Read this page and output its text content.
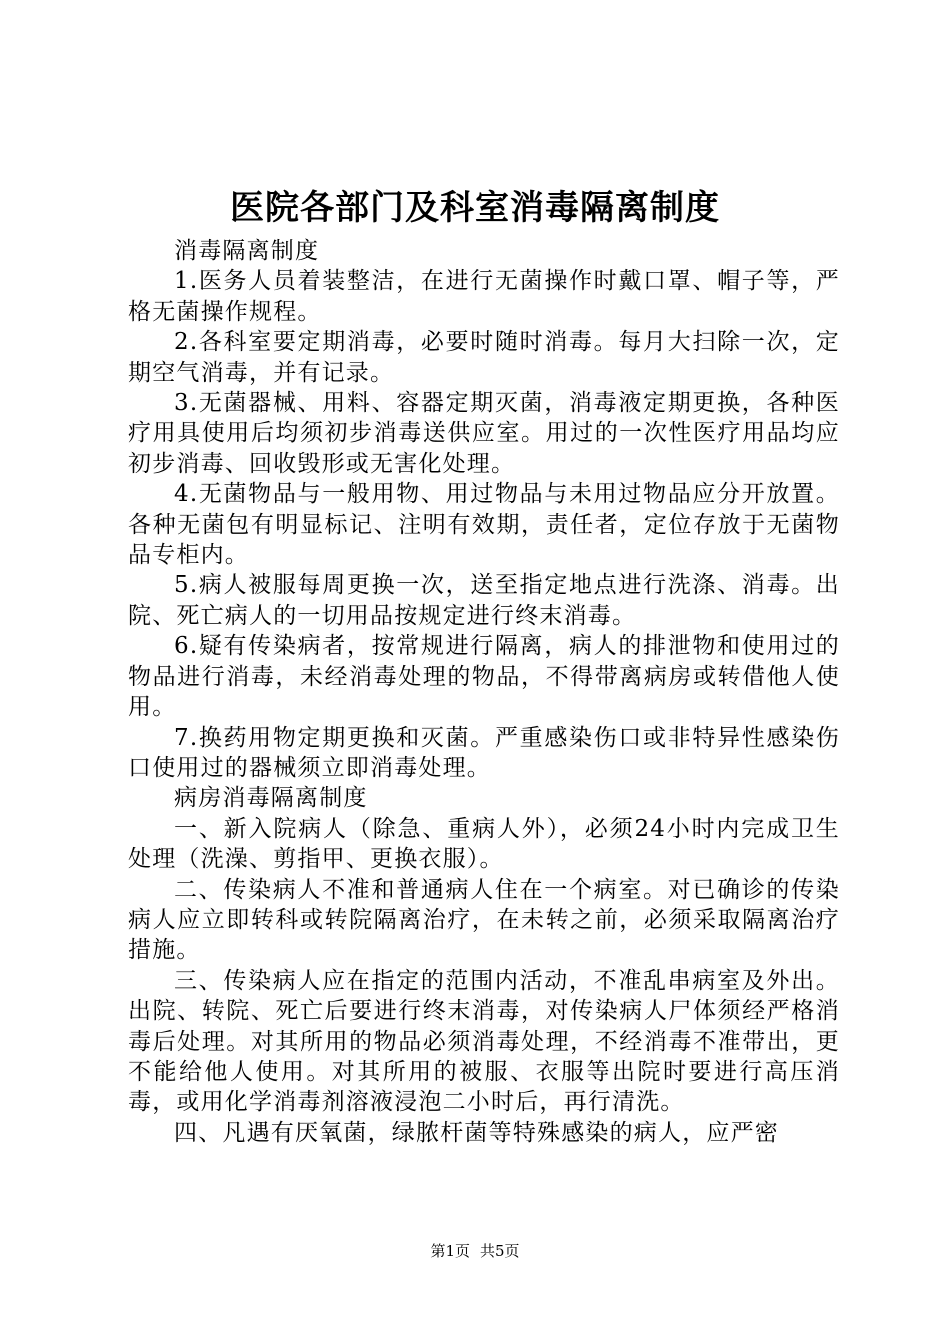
医院各部门及科室消毒隔离制度

消毒隔离制度

1.医务人员着装整洁，在进行无菌操作时戴口罩、帽子等，严格无菌操作规程。

2.各科室要定期消毒，必要时随时消毒。每月大扫除一次，定期空气消毒，并有记录。

3.无菌器械、用料、容器定期灭菌，消毒液定期更换，各种医疗用具使用后均须初步消毒送供应室。用过的一次性医疗用品均应初步消毒、回收毁形或无害化处理。

4.无菌物品与一般用物、用过物品与未用过物品应分开放置。各种无菌包有明显标记、注明有效期，责任者，定位存放于无菌物品专柜内。

5.病人被服每周更换一次，送至指定地点进行洗涤、消毒。出院、死亡病人的一切用品按规定进行终末消毒。

6.疑有传染病者，按常规进行隔离，病人的排泄物和使用过的物品进行消毒，未经消毒处理的物品，不得带离病房或转借他人使用。

7.换药用物定期更换和灭菌。严重感染伤口或非特异性感染伤口使用过的器械须立即消毒处理。

病房消毒隔离制度

一、新入院病人（除急、重病人外），必须24小时内完成卫生处理（洗澡、剪指甲、更换衣服）。

二、传染病人不准和普通病人住在一个病室。对已确诊的传染病人应立即转科或转院隔离治疗，在未转之前，必须采取隔离治疗措施。

三、传染病人应在指定的范围内活动，不准乱串病室及外出。出院、转院、死亡后要进行终末消毒，对传染病人尸体须经严格消毒后处理。对其所用的物品必须消毒处理，不经消毒不准带出，更不能给他人使用。对其所用的被服、衣服等出院时要进行高压消毒，或用化学消毒剂溶液浸泡二小时后，再行清洗。

四、凡遇有厌氧菌，绿脓杆菌等特殊感染的病人，应严密

第1页 共5页
